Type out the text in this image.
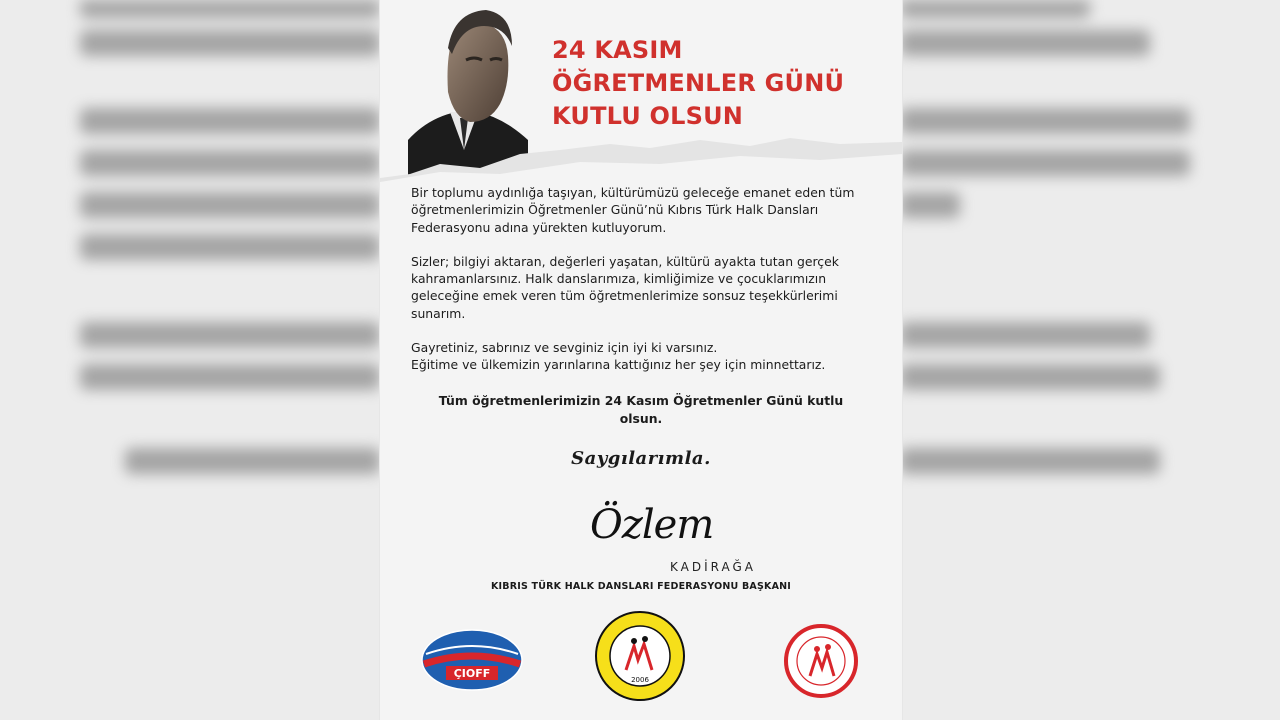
24 KASIM
ÖĞRETMENLER GÜNÜ
KUTLU OLSUN

Bir toplumu aydınlığa taşıyan, kültürümüzü geleceğe emanet eden tüm öğretmenlerimizin Öğretmenler Günü’nü Kıbrıs Türk Halk Dansları Federasyonu adına yürekten kutluyorum.

Sizler; bilgiyi aktaran, değerleri yaşatan, kültürü ayakta tutan gerçek kahramanlarsınız. Halk danslarımıza, kimliğimize ve çocuklarımızın geleceğine emek veren tüm öğretmenlerimize sonsuz teşekkürlerimi sunarım.

Gayretiniz, sabrınız ve sevginiz için iyi ki varsınız.
Eğitime ve ülkemizin yarınlarına kattığınız her şey için minnettarız.

Tüm öğretmenlerimizin 24 Kasım Öğretmenler Günü kutlu olsun.
Saygılarımla.
Özlem
KADİRAĞA
KIBRIS TÜRK HALK DANSLARI FEDERASYONU BAŞKANI
ÇIOFF	2006
